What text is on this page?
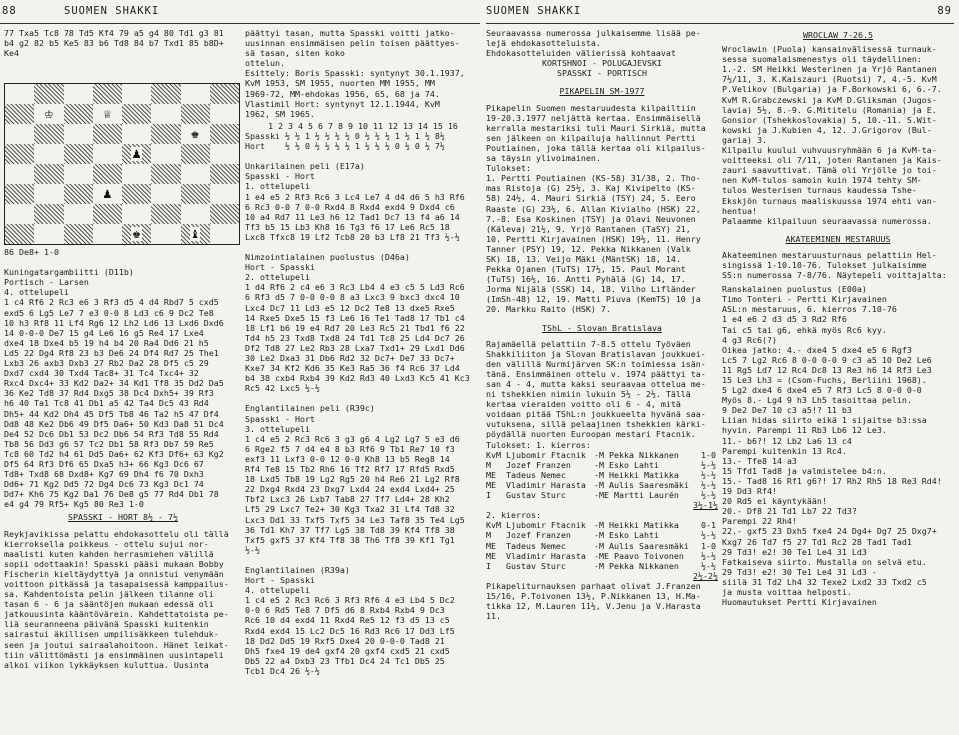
88	SUOMEN SHAKKI

77 Txa5 Tc8 78 Td5 Kf4 79 a5 g4 80 Td1 g3 81

b4 g2 82 b5 Ke5 83 b6 Td8 84 b7 Txd1 85 b8D+

Ke4

♔	♕
♚
♟
♟
♚	♝

86 De8+ 1-0

Kuningatargambiitti (D11b)

Portisch - Larsen

4. ottelupeli

1 c4 Rf6 2 Rc3 e6 3 Rf3 d5 4 d4 Rbd7 5 cxd5

exd5 6 Lg5 Le7 7 e3 0-0 8 Ld3 c6 9 Dc2 Te8

10 h3 Rf8 11 Lf4 Rg6 12 Lh2 Ld6 13 Lxd6 Dxd6

14 0-0-0 De7 15 g4 Le6 16 g5 Re4 17 Lxe4

dxe4 18 Dxe4 b5 19 h4 b4 20 Ra4 Dd6 21 h5

Ld5 22 Dg4 Rf8 23 b3 De6 24 Df4 Rd7 25 The1

Lxb3 26 axb3 Dxb3 27 Rb2 Da2 28 Df5 c5 29

Dxd7 cxd4 30 Txd4 Tac8+ 31 Tc4 Txc4+ 32

Rxc4 Dxc4+ 33 Kd2 Da2+ 34 Kd1 Tf8 35 Dd2 Da5

36 Ke2 Td8 37 Rd4 Dxg5 38 Dc4 Dxh5+ 39 Rf3

h6 40 Ta1 Tc8 41 Db1 a5 42 Ta4 Dc5 43 Rd4

Dh5+ 44 Kd2 Dh4 45 Df5 Tb8 46 Ta2 h5 47 Df4

Dd8 48 Ke2 Db6 49 Df5 Da6+ 50 Kd3 Da8 51 Dc4

De4 52 Dc6 Db1 53 Dc2 Db6 54 Rf3 Td8 55 Rd4

Tb8 56 Dd3 g6 57 Tc2 Db1 58 Rf3 Db7 59 Re5

Tc8 60 Td2 h4 61 Dd5 Da6+ 62 Kf3 Df6+ 63 Kg2

Df5 64 Rf3 Df6 65 Dxa5 h3+ 66 Kg3 Dc6 67

Td8+ Txd8 68 Dxd8+ Kg7 69 Dh4 f6 70 Dxh3

Dd6+ 71 Kg2 Dd5 72 Dg4 Dc6 73 Kg3 Dc1 74

Dd7+ Kh6 75 Kg2 Da1 76 De8 g5 77 Rd4 Db1 78

e4 g4 79 Rf5+ Kg5 80 Re3 1-0

SPASSKI - HORT 8½ - 7½

Reykjavikissa pelattu ehdokasottelu oli tällä

kierroksella poikkeus - ottelu sujui nor-

maalisti kuten kahden herrasmiehen välillä

sopii odottaakin! Spasski pääsi mukaan Bobby

Fischerin kieltäydyttyä ja onnistui venymään

voittoon pitkässä ja tasapaisessä kamppailus-

sa. Kahdentoista pelin jälkeen tilanne oli

tasan 6 - 6 ja sääntöjen mukaan edessä oli

jatkouusinta kääntövärein. Kahdettatoista pe-

liä seuranneena päivänä Spasski kuitenkin

sairastui äkillisen umpilisäkkeen tulehduk-

seen ja joutui sairaalahoitoon. Hänet leikat-

tiin välittömästi ja ensimmäinen uusintapeli

alkoi viikon lykkäyksen kuluttua. Uusinta

päättyi tasan, mutta Spasski voitti jatko-

uusinnan ensimmäisen pelin toisen päättyes-

sä tasan, siten koko

ottelun.

Esittely: Boris Spasski: syntynyt 30.1.1937,

KvM 1953, SM 1955, nuorten MM 1955, MM

1969-72, MM-ehdokas 1956, 65, 68 ja 74.

Vlastimil Hort: syntynyt 12.1.1944, KvM

1962, SM 1965.

1 2 3 4 5 6 7 8 9 10 11 12 13 14 15 16

Spasski ½ ½ 1 ½ ½ ½ ½ 0 ½ ½ ½ 1 ½ 1 ½ 8½

Hort    ½ ½ 0 ½ ½ ½ ½ 1 ½ ½ ½ 0 ½ 0 ½ 7½

Unkarilainen peli (E17a)

Spasski - Hort

1. ottelupeli

1 e4 e5 2 Rf3 Rc6 3 Lc4 Le7 4 d4 d6 5 h3 Rf6

6 Rc3 0-0 7 0-0 Rxd4 8 Rxd4 exd4 9 Dxd4 c6

10 a4 Rd7 11 Le3 h6 12 Tad1 Dc7 13 f4 a6 14

Tf3 b5 15 Lb3 Kh8 16 Tg3 f6 17 Le6 Rc5 18

Lxc8 Tfxc8 19 Lf2 Tcb8 20 b3 Lf8 21 Tf3 ½-½

Nimzointialainen puolustus (D46a)

Hort - Spasski

2. ottelupeli

1 d4 Rf6 2 c4 e6 3 Rc3 Lb4 4 e3 c5 5 Ld3 Rc6

6 Rf3 d5 7 0-0 0-0 8 a3 Lxc3 9 bxc3 dxc4 10

Lxc4 Dc7 11 Ld3 e5 12 Dc2 Te8 13 dxe5 Rxe5

14 Rxe5 Dxe5 15 f3 Le6 16 Te1 Tad8 17 Tb1 c4

18 Lf1 b6 19 e4 Rd7 20 Le3 Rc5 21 Tbd1 f6 22

Td4 h5 23 Txd8 Txd8 24 Td1 Tc8 25 Ld4 Dc7 26

Df2 Td8 27 Le2 Rb3 28 Lxa7 Txd1+ 29 Lxd1 Dd6

30 Le2 Dxa3 31 Db6 Rd2 32 Dc7+ De7 33 Dc7+

Kxe7 34 Kf2 Kd6 35 Ke3 Ra5 36 f4 Rc6 37 Ld4

b4 38 cxb4 Rxb4 39 Kd2 Rd3 40 Lxd3 Kc5 41 Kc3

Rc5 42 Lxc5 ½-½

Englantilainen peli (R39c)

Spasski - Hort

3. ottelupeli

1 c4 e5 2 Rc3 Rc6 3 g3 g6 4 Lg2 Lg7 5 e3 d6

6 Rge2 f5 7 d4 e4 8 b3 Rf6 9 Tb1 Re7 10 f3

exf3 11 Lxf3 0-0 12 0-0 Kh8 13 b5 Reg8 14

Rf4 Te8 15 Tb2 Rh6 16 Tf2 Rf7 17 Rfd5 Rxd5

18 Lxd5 Tb8 19 Lg2 Rg5 20 h4 Re6 21 Lg2 Rf8

22 Dxg4 Rxd4 23 Dxg7 Lxd4 24 exd4 Lxd4+ 25

Tbf2 Lxc3 26 Lxb7 Tab8 27 Tf7 Ld4+ 28 Kh2

Lf5 29 Lxc7 Te2+ 30 Kg3 Txa2 31 Lf4 Td8 32

Lxc3 Dd1 33 Txf5 Txf5 34 Le3 Taf8 35 Te4 Lg5

36 Td1 Kh7 37 Tf7 Lg5 38 Td8 39 Kf4 Tf8 38

Txf5 gxf5 37 Kf4 Tf8 38 Th6 Tf8 39 Kf1 Tg1

½-½

Englantilainen (R39a)

Hort - Spasski

4. ottelupeli

1 c4 e5 2 Rc3 Rc6 3 Rf3 Rf6 4 e3 Lb4 5 Dc2

0-0 6 Rd5 Te8 7 Df5 d6 8 Rxb4 Rxb4 9 Dc3

Rc6 10 d4 exd4 11 Rxd4 Re5 12 f3 d5 13 c5

Rxd4 exd4 15 Lc2 Dc5 16 Rd3 Rc6 17 Dd3 Lf5

18 Dd2 Dd5 19 Rxf5 Dxe4 20 0-0-0 Tad8 21

Dh5 fxe4 19 de4 gxf4 20 gxf4 cxd5 21 cxd5

Db5 22 a4 Dxb3 23 Tfb1 Dc4 24 Tc1 Db5 25

Tcb1 Dc4 26 ½-½

SUOMEN SHAKKI	89

Seuraavassa numerossa julkaisemme lisää pe-

lejä ehdokasotteluista.

Ehdokasotteluiden välierissä kohtaavat

KORTSHNOI - POLUGAJEVSKI

SPASSKI - PORTISCH

PIKAPELIN SM-1977

Pikapelin Suomen mestaruudesta kilpailtiin

19-20.3.1977 neljättä kertaa. Ensimmäisellä

kerralla mestariksi tuli Mauri Sirkiä, mutta

sen jälkeen on kilpailuja hallinnut Pertti

Poutiainen, joka tällä kertaa oli kilpailus-

sa täysin ylivoimainen.

Tulokset:

1. Pertti Poutiainen (KS-58) 31/38, 2. Tho-

mas Ristoja (G) 25½, 3. Kaj Kivipelto (KS-

58) 24½, 4. Mauri Sirkiä (TSY) 24, 5. Eero

Raaste (G) 23½, 6. Allan Kivialho (HSK) 22,

7.-8. Esa Koskinen (TSY) ja Olavi Neuvonen

(Käleva) 21½, 9. Yrjö Rantanen (TaSY) 21,

10. Pertti Kirjavainen (HSK) 19½, 11. Henry

Tanner (PSY) 19, 12. Pekka Nikkanen (Valk

SK) 18, 13. Veijo Mäki (MäntSK) 18, 14.

Pekka Ojanen (TuTS) 17½, 15. Paul Morant

(TuTS) 16½, 16. Antti Pyhälä (G) 14, 17.

Jorma Nijälä (SSK) 14, 18. Vilho Lifländer

(ImSh-48) 12, 19. Matti Piuva (KemTS) 10 ja

20. Markku Raito (HSK) 7.

TShL - Slovan Bratislava

Rajamäellä pelattiin 7-8.5 ottelu Työväen

Shakkiliiton ja Slovan Bratislavan joukkuei-

den välillä Nurmijärven SK:n toimiessa isän-

tänä. Ensimmäinen ottelu v. 1974 päättyi ta-

san 4 - 4, mutta kaksi seuraavaa ottelua me-

ni tshekkien nimiin lukuin 5½ - 2½. Tällä

kertaa vieraiden voitto oli 6 - 4, mitä

voidaan pitää TShL:n joukkueelta hyvänä saa-

vutuksena, sillä pelaajinen tshekkien kärki-

pöydällä nuorten Euroopan mestari Ftacnik.

Tulokset: 1. kierros:

KvM Ljubomir Ftacnik -M Pekka Nikkanen	1-0
M   Jozef Franzen	-M Esko Lahti	½-½
ME  Tadeus Nemec	-M Heikki Matikka	½-½
ME  Vladimir Harasta -M Aulis Saaresmäki	½-½
I   Gustav Sturc	-ME Martti Laurén	½-½

3½-1½

2. kierros:

KvM Ljubomir Ftacnik -M Heikki Matikka	0-1
M   Jozef Franzen	-M Esko Lahti	½-½
ME  Tadeus Nemec	-M Aulis Saaresmäki	1-0
ME  Vladimir Harasta -ME Paavo Toivonen	½-½
I   Gustav Sturc	-M Pekka Nikkanen	½-½

2½-2½

Pikapeliturnauksen parhaat olivat J.Franzen

15/16, P.Toivonen 13½, P.Nikkanen 13, H.Ma-

tikka 12, M.Lauren 11½, V.Jenu ja V.Harasta

11.

WROCLAW 7-26.5

Wroclawin (Puola) kansainvälisessä turnauk-

sessa suomalaismenestys oli täydellinen:

1.-2. SM Heikki Westerinen ja Yrjö Rantanen

7½/11, 3. K.Kaiszauri (Ruotsi) 7, 4.-5. KvM

P.Velikov (Bulgaria) ja F.Borkowski 6, 6.-7.

KvM R.Grabczewski ja KvM D.Gliksman (Jugos-

lavia) 5½, 8.-9. G.Mititelu (Romania) ja E.

Gonsior (Tshekkoslovakia) 5, 10.-11. S.Wit-

kowski ja J.Kubien 4, 12. J.Grigorov (Bul-

garia) 3.

Kilpailu kuului vuhvuusryhmään 6 ja KvM-ta-

voitteeksi oli 7/11, joten Rantanen ja Kais-

zauri saavuttivat. Tämä oli Yrjölle jo toi-

nen KvM-tulos samoin kuin 1974 tehty SM-

tulos Westerisen turnaus kaudessa Tshe-

Ekskjön turnaus maaliskuussa 1974 ehti van-

hentua!

Palaamme kilpailuun seuraavassa numerossa.

AKATEEMINEN MESTARUUS

Akateeminen mestaruusturnaus pelattiin Hel-

singissä 1-10.10-76. Tulokset julkaisimme

SS:n numerossa 7-8/76. Näytepeli voittajalta:

Ranskalainen puolustus (E00a)

Timo Tonteri - Pertti Kirjavainen

ASL:n mestaruus, 6. kierros 7.10-76

1 e4 e6 2 d3 d5 3 Rd2 Rf6

Tai c5 tai g6, ehkä myös Rc6 kyy.

4 g3 Rc6(?)

Oikea jatko: 4.- dxe4 5 dxe4 e5 6 Rgf3

Lc5 7 Lg2 Rc6 8 0-0 0-0 9 c3 a5 10 De2 Le6

11 Rg5 Ld7 12 Rc4 Dc8 13 Re3 h6 14 Rf3 Le3

15 Le3 Lh3 = (Csom-Fuchs, Berliini 1968).

5 Lg2 dxe4 6 dxe4 e5 7 Rf3 Lc5 8 0-0 0-0

Myös 8.- Lg4 9 h3 Lh5 tasoittaa pelin.

9 De2 De7 10 c3 a5!? 11 b3

Liian hidas siirto eikä 1 sijaitse b3:ssa

hyvin. Parempi 11 Rb3 Lb6 12 Le3.

11.- b6?! 12 Lb2 La6 13 c4

Parempi kuitenkin 13 Rc4.

13.- Tfe8 14 a3

15 Tfd1 Tad8 ja valmistelee b4:n.

15.- Tad8 16 Rf1 g6?! 17 Rh2 Rh5 18 Re3 Rd4!

19 Dd3 Rf4!

20 Rd5 ei käyntykään!

20.- Df8 21 Td1 Lb7 22 Td3?

Parempi 22 Rh4!

22.- gxf5 23 Dxh5 fxe4 24 Dg4+ Dg7 25 Dxg7+

Kxg7 26 Td7 f5 27 Td1 Rc2 28 Tad1 Tad1

29 Td3! e2! 30 Te1 Le4 31 Ld3

Fatkaiseva siirto. Mustalla on selvä etu.

29 Td3! e2! 30 Te1 Le4 31 Ld3 -

siilä 31 Td2 Lh4 32 Texe2 Lxd2 33 Txd2 c5

ja musta voittaa helposti.

Huomautukset Pertti Kirjavainen
